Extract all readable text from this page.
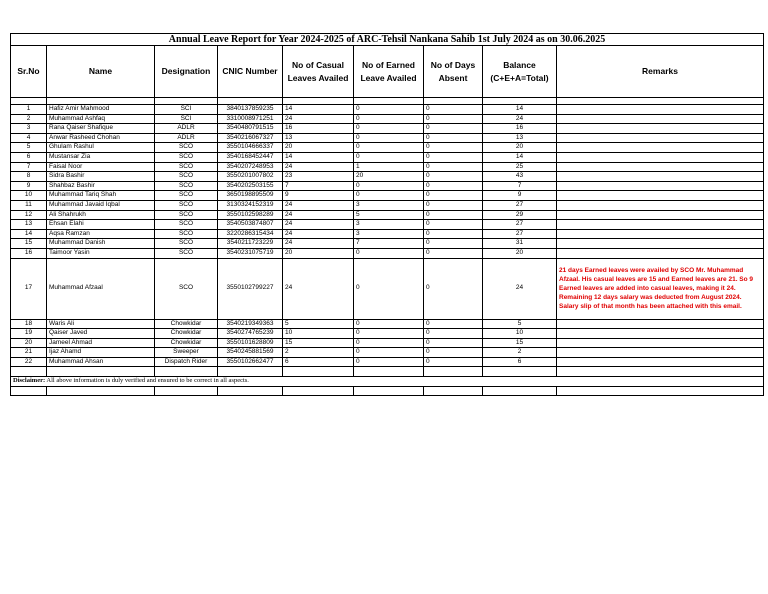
Annual Leave Report for Year 2024-2025 of ARC-Tehsil Nankana Sahib 1st July 2024 as on 30.06.2025								
Sr.No	Name	Designation	CNIC Number	No of Casual Leaves Availed	No of Earned Leave Availed	No of Days Absent	Balance (C+E+A=Total)	Remarks

1	Hafiz Amir Mahmood	SCI	3840137859235	14	0	0	14	
2	Muhammad Ashfaq	SCI	3310008971251	24	0	0	24	
3	Rana Qaiser Shafique	ADLR	3540480791515	16	0	0	16	
4	Anwar Rasheed Chohan	ADLR	3540216067327	13	0	0	13	
5	Ghulam Rashul	SCO	3550104666337	20	0	0	20	
6	Mustansar Zia	SCO	3540168452447	14	0	0	14	
7	Faisal Noor	SCO	3540207248953	24	1	0	25	
8	Sidra Bashir	SCO	3550201007802	23	20	0	43	
9	Shahbaz Bashir	SCO	3540202503155	7	0	0	7	
10	Muhammad Tariq Shah	SCO	3650198895509	9	0	0	9	
11	Muhammad Javaid Iqbal	SCO	3130324152319	24	3	0	27	
12	Ali Shahrukh	SCO	3550102598289	24	5	0	29	
13	Ehsan Elahi	SCO	3540503874807	24	3	0	27	
14	Aqsa Ramzan	SCO	3220286315434	24	3	0	27	
15	Muhammad Danish	SCO	3540211723229	24	7	0	31	
16	Taimoor Yasin	SCO	3540231075719	20	0	0	20	
17	Muhammad Afzaal	SCO	3550102799227	24	0	0	24	21 days Earned leaves were availed by SCO Mr. Muhammad Afzaal. His casual leaves are 15 and Earned leaves are 21. So 9 Earned leaves are added into casual leaves, making it 24. Remaining 12 days salary was deducted from August 2024. Salary slip of that month has been attached with this email.
18	Waris Ali	Chowkidar	3540219349363	5	0	0	5	
19	Qaiser Javed	Chowkidar	3540274765239	10	0	0	10	
20	Jameel Ahmad	Chowkidar	3550101628809	15	0	0	15	
21	Ijaz Ahamd	Sweeper	3540245881569	2	0	0	2	
22	Muhammad Ahsan	Dispatch Rider	3550102662477	6	0	0	6	

Disclaimer: All above information is duly verified and ensured to be correct in all aspects.								
